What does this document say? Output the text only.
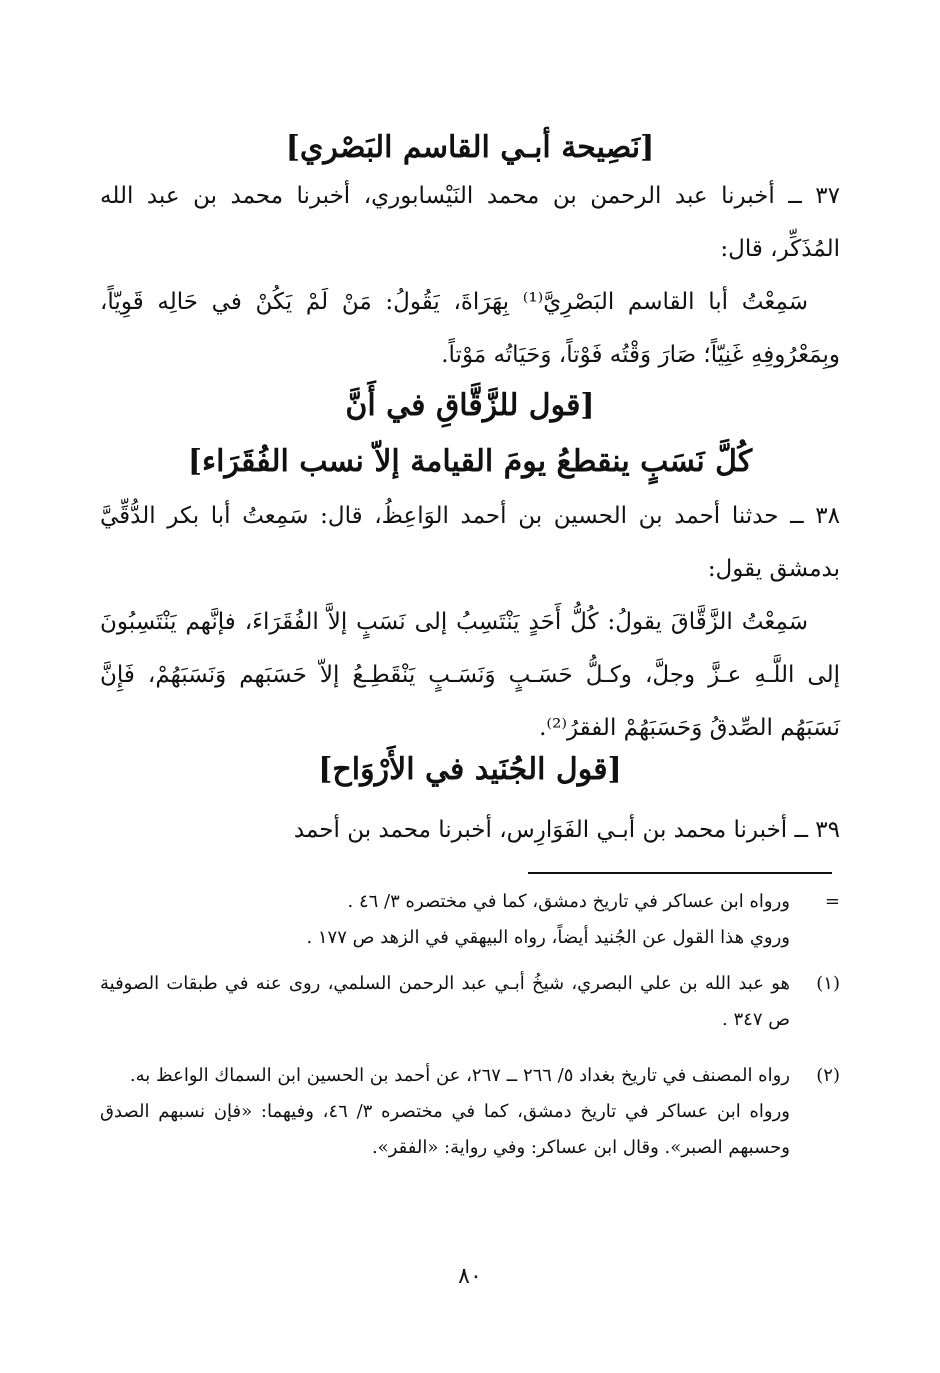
[نَصِيحة أبـي القاسم البَصْري]

٣٧ ــ أخبرنا عبد الرحمن بن محمد النَيْسابوري، أخبرنا محمد بن عبد الله المُذَكِّر، قال:

سَمِعْتُ أبا القاسم البَصْرِيَّ⁽¹⁾ بِهَرَاةَ، يَقُولُ: مَنْ لَمْ يَكُنْ في حَالِه قَوِيّاً، وبِمَعْرُوفِهِ غَنِيّاً؛ صَارَ وَقْتُه فَوْتاً، وَحَيَاتُه مَوْتاً.

[قول للزَّقَّاقِ في أَنَّ
كُلَّ نَسَبٍ ينقطعُ يومَ القيامة إلاّ نسب الفُقَرَاء]

٣٨ ــ حدثنا أحمد بن الحسين بن أحمد الوَاعِظُ، قال: سَمِعتُ أبا بكر الدُّقِّيَّ بدمشق يقول:

سَمِعْتُ الزَّقَّاقَ يقولُ: كُلُّ أَحَدٍ يَنْتَسِبُ إلى نَسَبٍ إلاَّ الفُقَرَاءَ، فإنَّهم يَنْتَسِبُونَ إلى اللَّـهِ عـزَّ وجلَّ، وكـلُّ حَسَـبٍ وَنَسَـبٍ يَنْقَطِـعُ إلاّ حَسَبَهم وَنَسَبَهُمْ، فَإِنَّ نَسَبَهُم الصِّدقُ وَحَسَبَهُمْ الفقرُ⁽²⁾.

[قول الجُنَيد في الأَرْوَاح]

٣٩ ــ أخبرنا محمد بن أبـي الفَوَارِس، أخبرنا محمد بن أحمد

=

ورواه ابن عساكر في تاريخ دمشق، كما في مختصره ٣/ ٤٦ .

وروي هذا القول عن الجُنيد أيضاً، رواه البيهقي في الزهد ص ١٧٧ .

(١)

هو عبد الله بن علي البصري، شيخُ أبـي عبد الرحمن السلمي، روى عنه في طبقات الصوفية ص ٣٤٧ .

(٢)

رواه المصنف في تاريخ بغداد ٥/ ٢٦٦ ــ ٢٦٧، عن أحمد بن الحسين ابن السماك الواعظ به.

ورواه ابن عساكر في تاريخ دمشق، كما في مختصره ٣/ ٤٦، وفيهما: «فإن نسبهم الصدق وحسبهم الصبر». وقال ابن عساكر: وفي رواية: «الفقر».

٨٠
